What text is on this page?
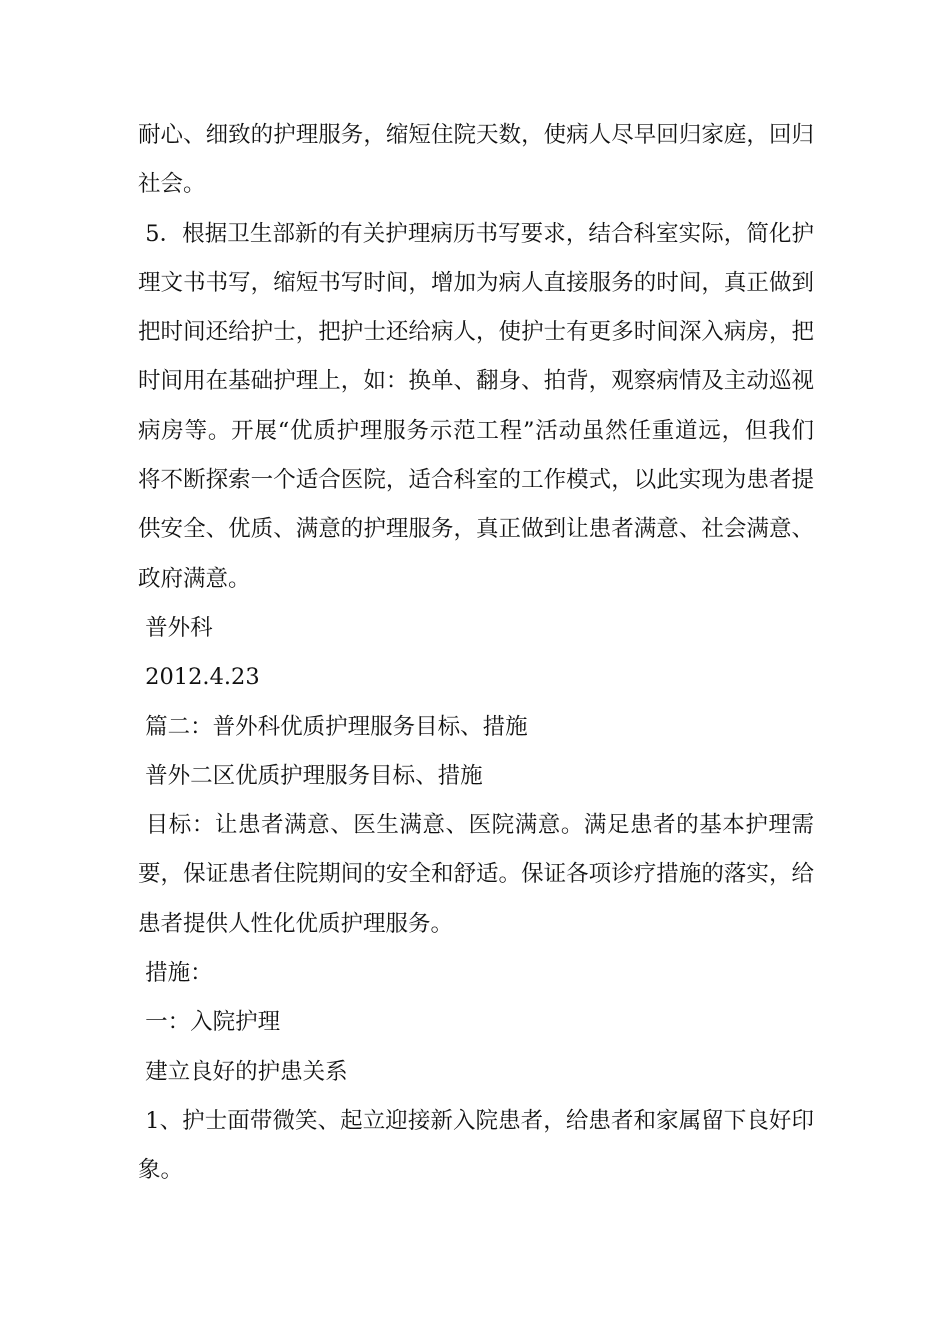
耐心、细致的护理服务，缩短住院天数，使病人尽早回归家庭，回归
社会。
5．根据卫生部新的有关护理病历书写要求，结合科室实际，简化护
理文书书写，缩短书写时间，增加为病人直接服务的时间，真正做到
把时间还给护士，把护士还给病人，使护士有更多时间深入病房，把
时间用在基础护理上，如：换单、翻身、拍背，观察病情及主动巡视
病房等。开展“优质护理服务示范工程”活动虽然任重道远，但我们
将不断探索一个适合医院，适合科室的工作模式，以此实现为患者提
供安全、优质、满意的护理服务，真正做到让患者满意、社会满意、
政府满意。
普外科
2012.4.23
篇二：普外科优质护理服务目标、措施
普外二区优质护理服务目标、措施
目标：让患者满意、医生满意、医院满意。满足患者的基本护理需
要，保证患者住院期间的安全和舒适。保证各项诊疗措施的落实，给
患者提供人性化优质护理服务。
措施：
一：入院护理
建立良好的护患关系
1、护士面带微笑、起立迎接新入院患者，给患者和家属留下良好印
象。
